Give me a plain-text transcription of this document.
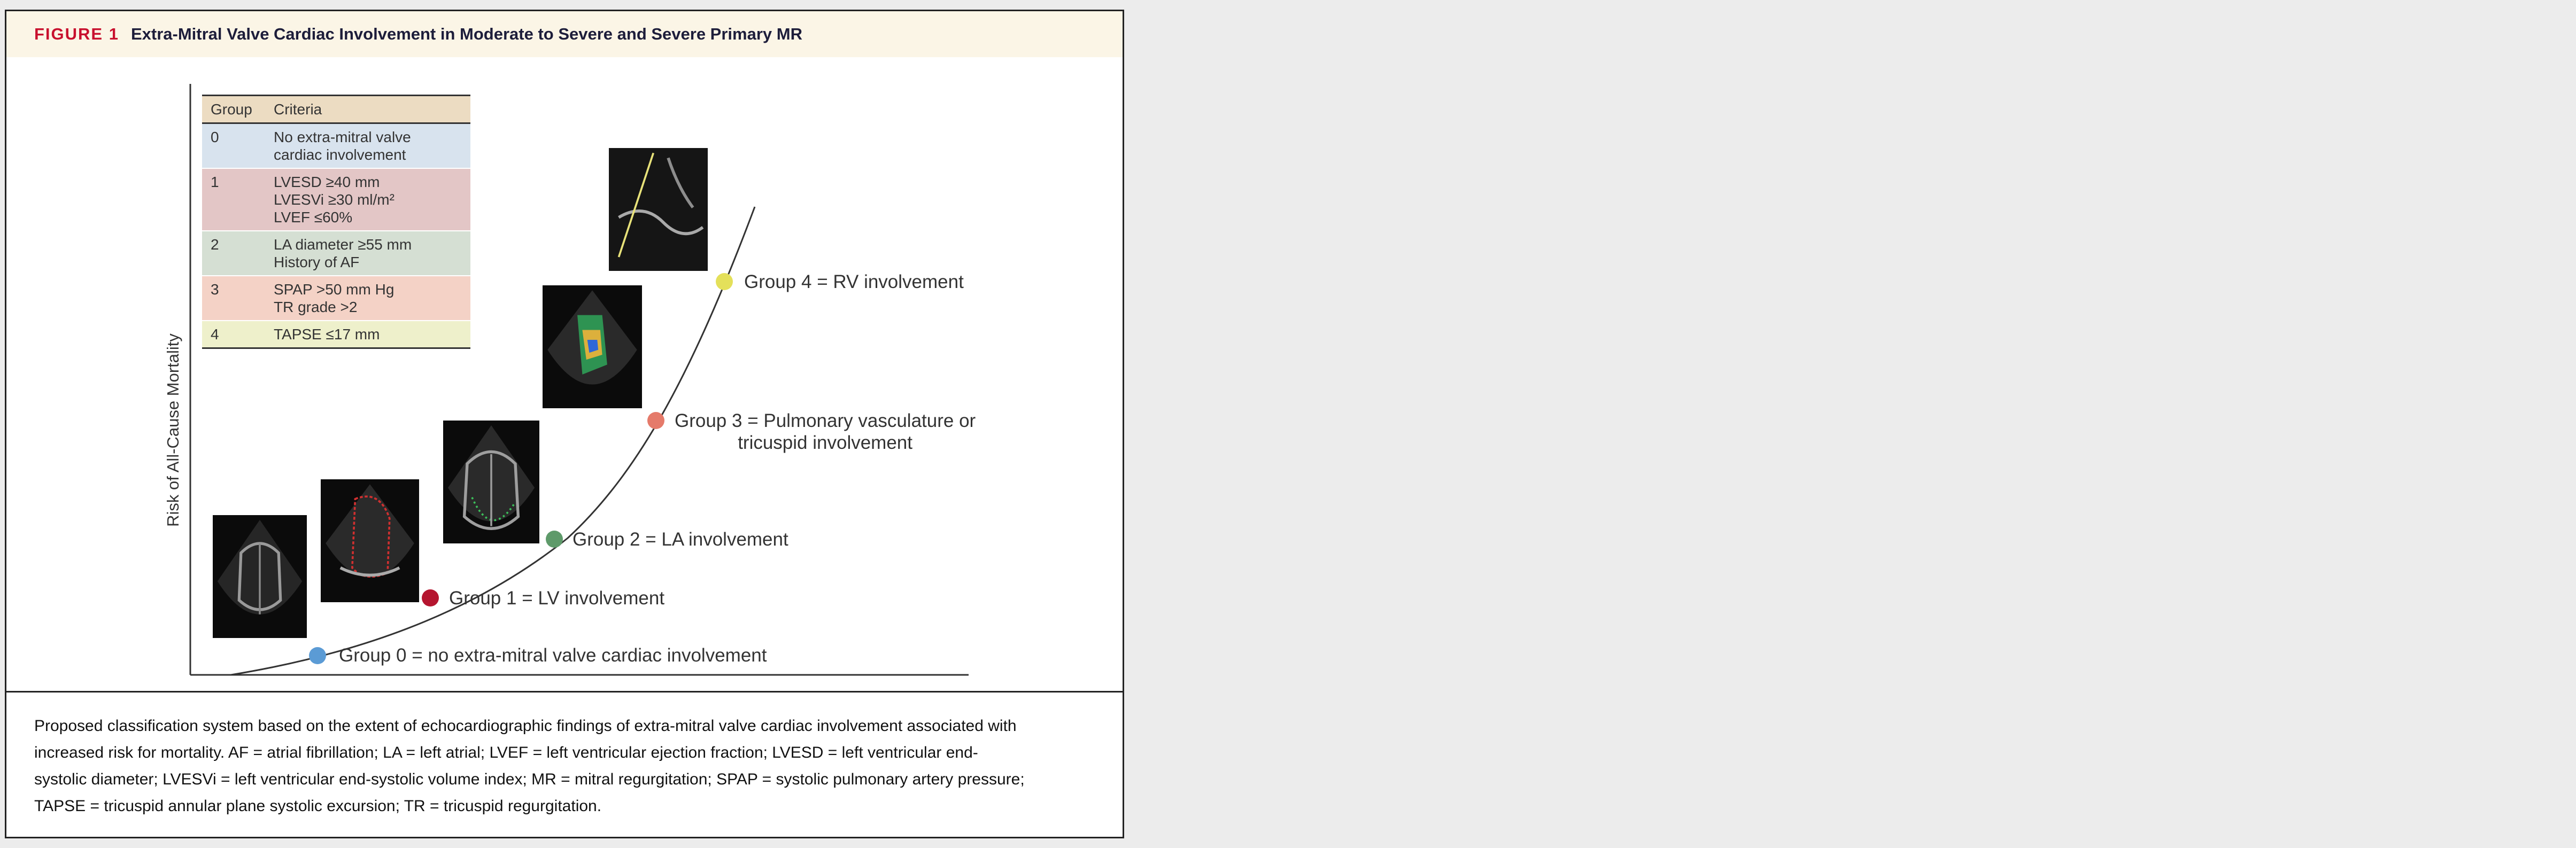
FIGURE 1 Extra-Mitral Valve Cardiac Involvement in Moderate to Severe and Severe Primary MR
Risk of All-Cause Mortality
Group	Criteria
0	No extra-mitral valve
cardiac involvement

1	LVESD ≥40 mm
LVESVi ≥30 ml/m²
LVEF ≤60%

2	LA diameter ≥55 mm
History of AF

3	SPAP >50 mm Hg
TR grade >2

4	TAPSE ≤17 mm
Group 0 = no extra-mitral valve cardiac involvement
Group 1 = LV involvement
Group 2 = LA involvement
Group 3 = Pulmonary vasculature or
tricuspid involvement
Group 4 = RV involvement
Proposed classification system based on the extent of echocardiographic findings of extra-mitral valve cardiac involvement associated with
increased risk for mortality. AF = atrial fibrillation; LA = left atrial; LVEF = left ventricular ejection fraction; LVESD = left ventricular end-
systolic diameter; LVESVi = left ventricular end-systolic volume index; MR = mitral regurgitation; SPAP = systolic pulmonary artery pressure;
TAPSE = tricuspid annular plane systolic excursion; TR = tricuspid regurgitation.
